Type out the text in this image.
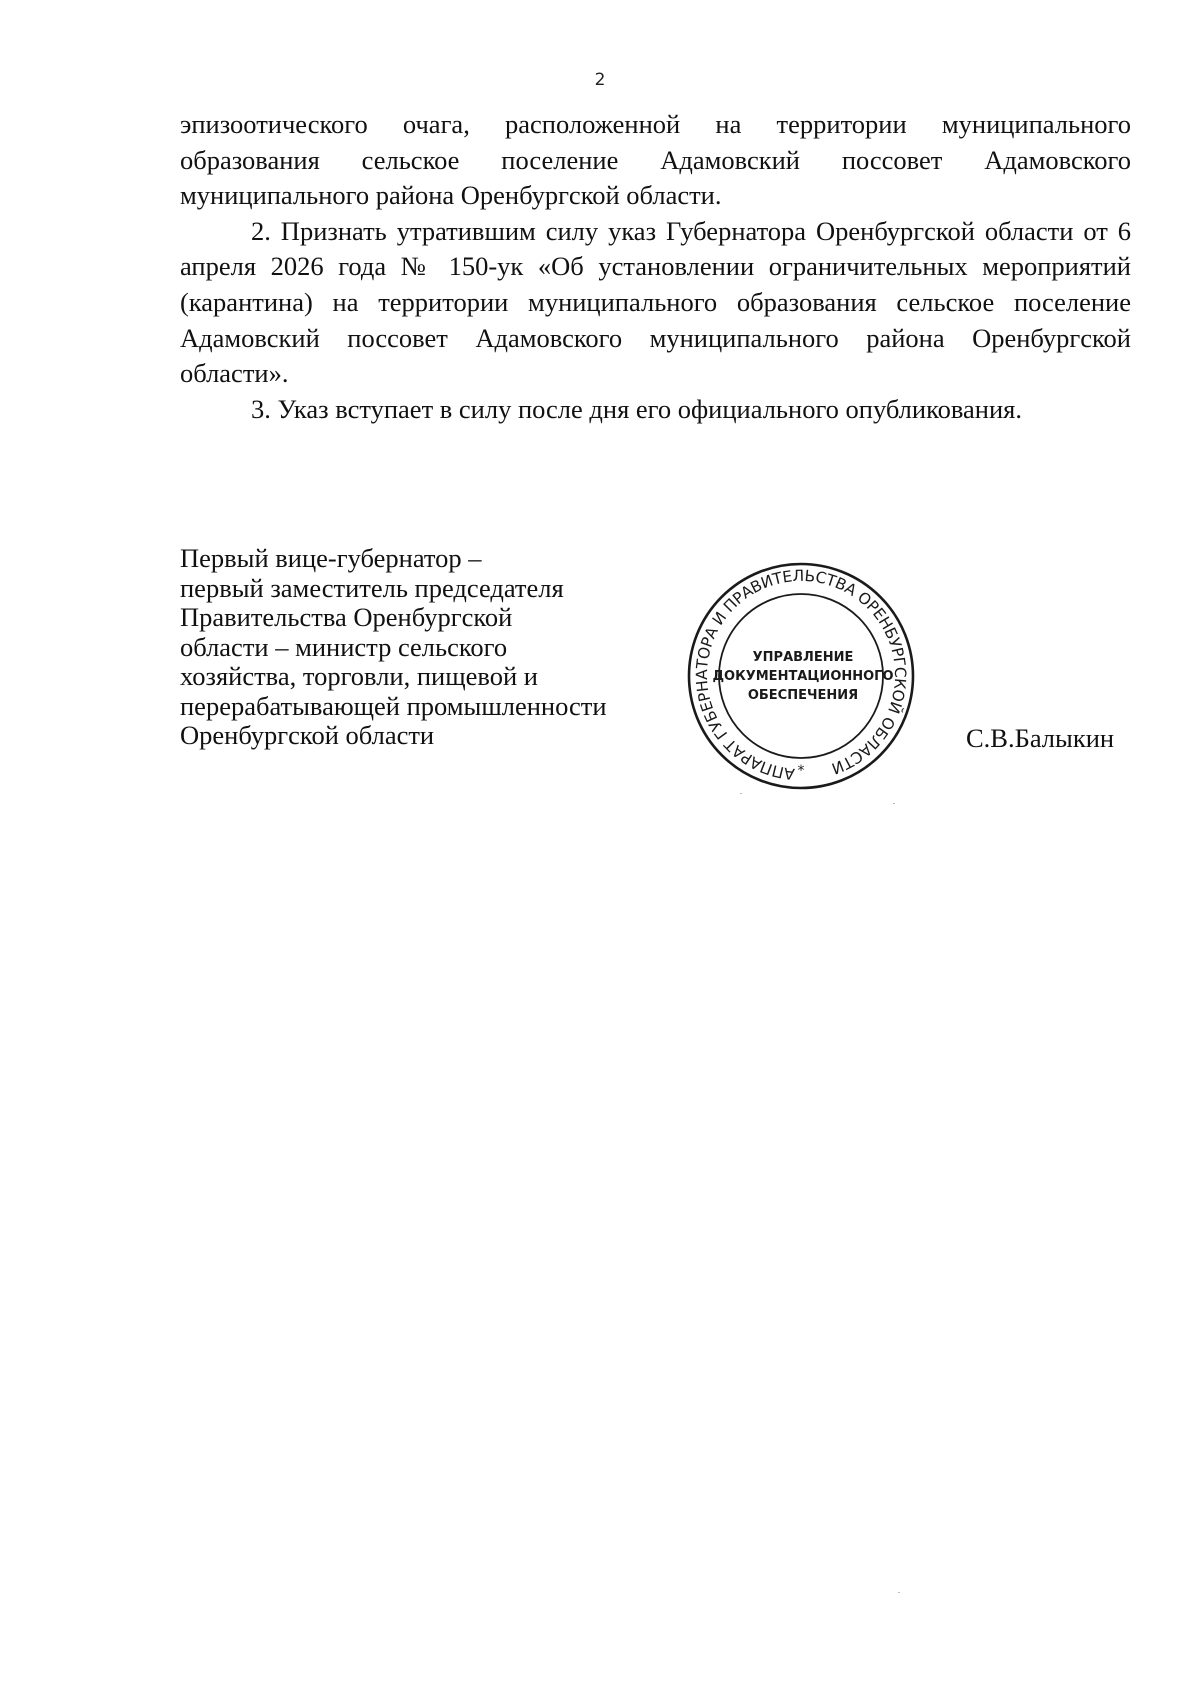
2

эпизоотического очага, расположенной на территории муниципального образования сельское поселение Адамовский поссовет Адамовского муниципального района Оренбургской области.

2. Признать утратившим силу указ Губернатора Оренбургской области от 6 апреля 2026 года № 150-ук «Об установлении ограничительных мероприятий (карантина) на территории муниципального образования сельское поселение Адамовский поссовет Адамовского муниципального района Оренбургской области».

3. Указ вступает в силу после дня его официального опубликования.

Первый вице-губернатор –
первый заместитель председателя
Правительства Оренбургской
области – министр сельского
хозяйства, торговли, пищевой и
перерабатывающей промышленности
Оренбургской области
АППАРАТ ГУБЕРНАТОРА И ПРАВИТЕЛЬСТВА ОРЕНБУРГСКОЙ ОБЛАСТИ
*
УПРАВЛЕНИЕ
ДОКУМЕНТАЦИОННОГО
ОБЕСПЕЧЕНИЯ
С.В.Балыкин
